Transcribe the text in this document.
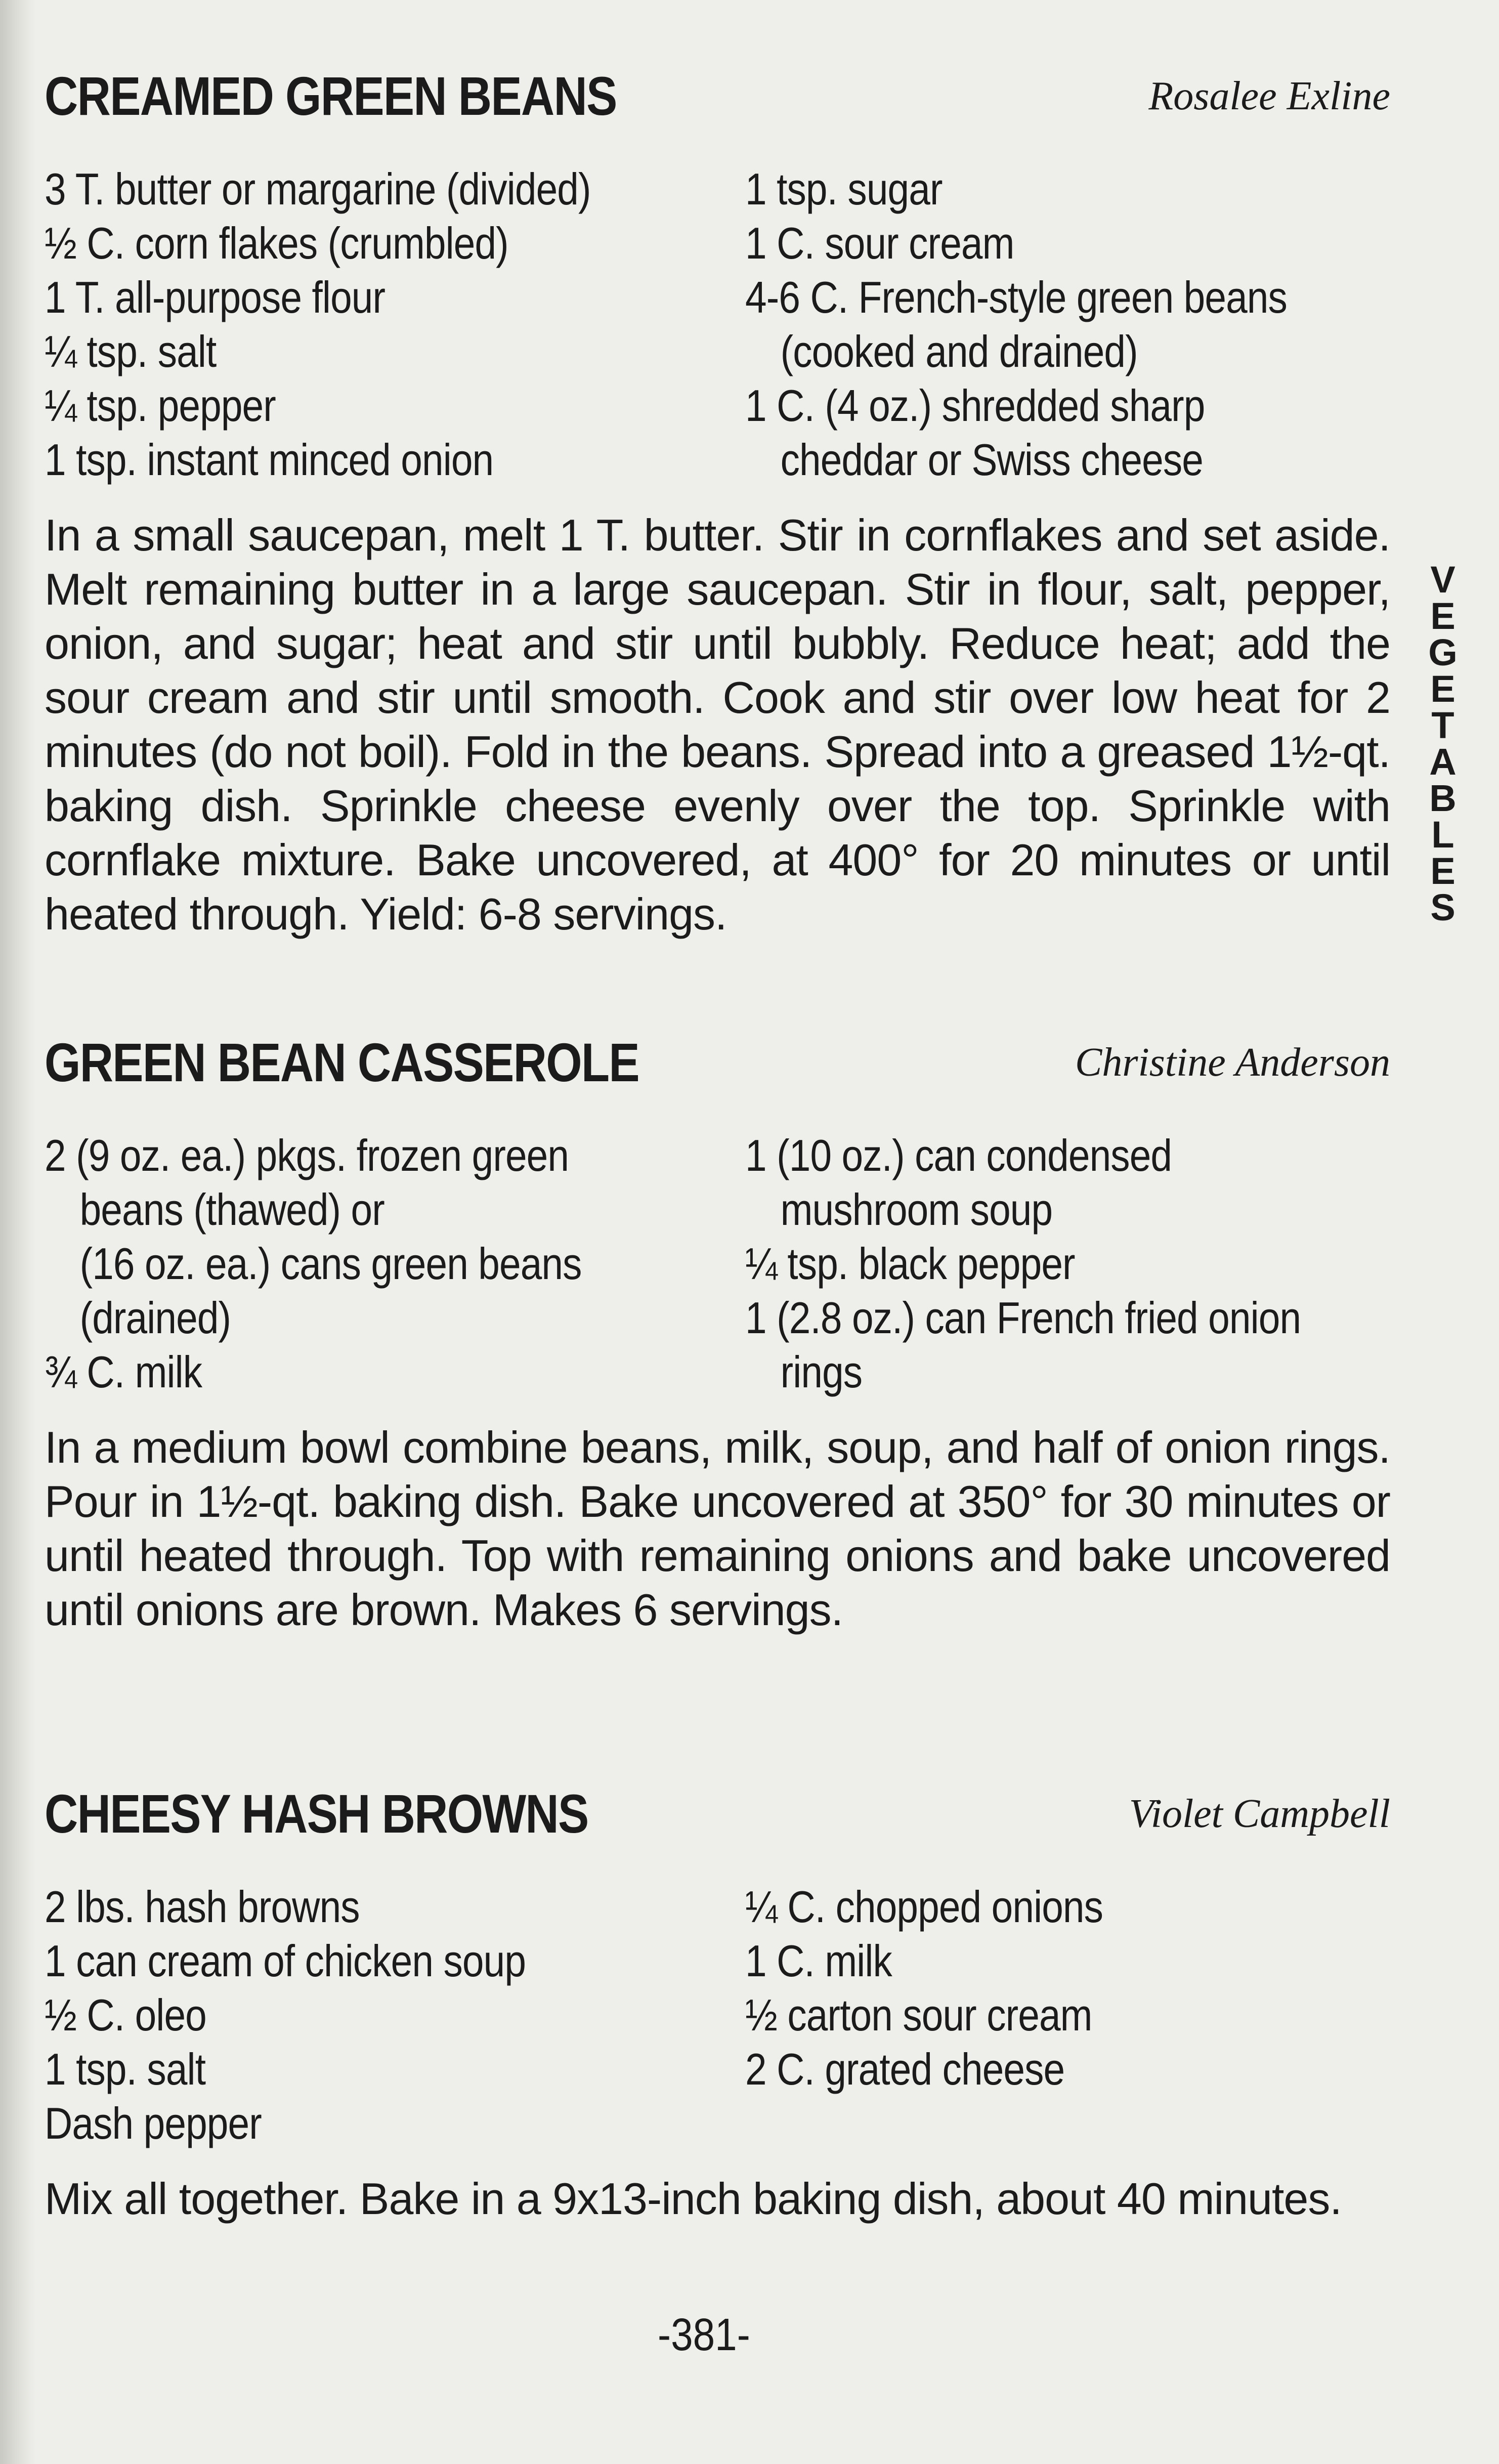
CREAMED GREEN BEANS	Rosalee Exline
3 T. butter or margarine (divided)
½ C. corn flakes (crumbled)
1 T. all-purpose flour
¼ tsp. salt
¼ tsp. pepper
1 tsp. instant minced onion
1 tsp. sugar
1 C. sour cream
4-6 C. French-style green beans
(cooked and drained)
1 C. (4 oz.) shredded sharp
cheddar or Swiss cheese
In a small saucepan, melt 1 T. butter. Stir in cornflakes and set aside. Melt remaining butter in a large saucepan. Stir in flour, salt, pepper, onion, and sugar; heat and stir until bubbly. Reduce heat; add the sour cream and stir until smooth. Cook and stir over low heat for 2 minutes (do not boil). Fold in the beans. Spread into a greased 1½-qt. baking dish. Sprinkle cheese evenly over the top. Sprinkle with cornflake mixture. Bake uncovered, at 400° for 20 minutes or until heated through. Yield: 6-8 servings.
GREEN BEAN CASSEROLE	Christine Anderson
2 (9 oz. ea.) pkgs. frozen green
beans (thawed) or
(16 oz. ea.) cans green beans
(drained)
¾ C. milk
1 (10 oz.) can condensed
mushroom soup
¼ tsp. black pepper
1 (2.8 oz.) can French fried onion
rings
In a medium bowl combine beans, milk, soup, and half of onion rings. Pour in 1½-qt. baking dish. Bake uncovered at 350° for 30 minutes or until heated through. Top with remaining onions and bake uncovered until onions are brown. Makes 6 servings.
CHEESY HASH BROWNS	Violet Campbell
2 lbs. hash browns
1 can cream of chicken soup
½ C. oleo
1 tsp. salt
Dash pepper
¼ C. chopped onions
1 C. milk
½ carton sour cream
2 C. grated cheese
Mix all together. Bake in a 9x13-inch baking dish, about 40 minutes.
V
E
G
E
T
A
B
L
E
S
-381-
